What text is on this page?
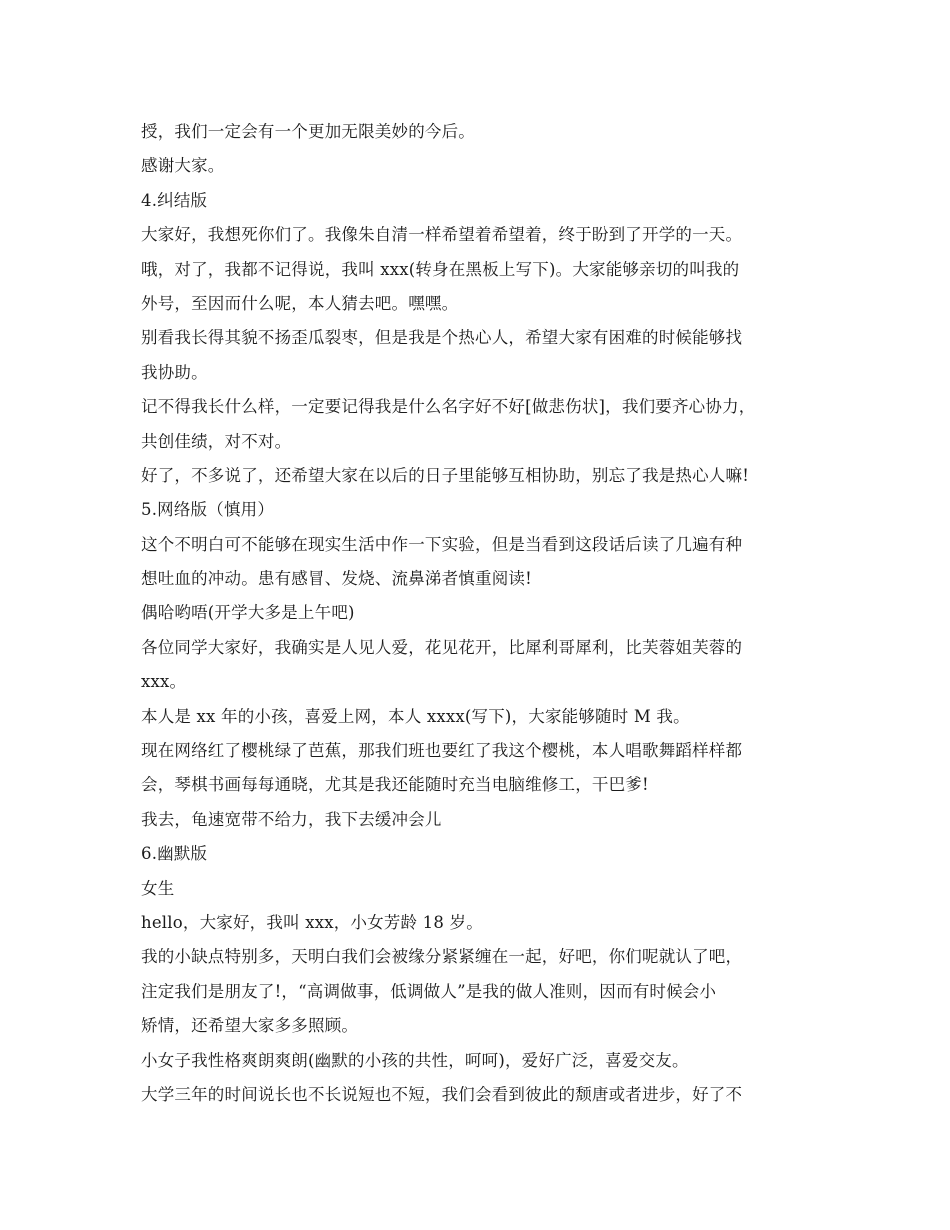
授，我们一定会有一个更加无限美妙的今后。
感谢大家。
4.纠结版
大家好，我想死你们了。我像朱自清一样希望着希望着，终于盼到了开学的一天。
哦，对了，我都不记得说，我叫 xxx(转身在黑板上写下)。大家能够亲切的叫我的
外号，至因而什么呢，本人猜去吧。嘿嘿。
别看我长得其貌不扬歪瓜裂枣，但是我是个热心人，希望大家有困难的时候能够找
我协助。
记不得我长什么样，一定要记得我是什么名字好不好[做悲伤状]，我们要齐心协力，
共创佳绩，对不对。
好了，不多说了，还希望大家在以后的日子里能够互相协助，别忘了我是热心人嘛!
5.网络版（慎用）
这个不明白可不能够在现实生活中作一下实验，但是当看到这段话后读了几遍有种
想吐血的冲动。患有感冒、发烧、流鼻涕者慎重阅读!
偶哈哟唔(开学大多是上午吧)
各位同学大家好，我确实是人见人爱，花见花开，比犀利哥犀利，比芙蓉姐芙蓉的
xxx。
本人是 xx 年的小孩，喜爱上网，本人 xxxx(写下)，大家能够随时 M 我。
现在网络红了樱桃绿了芭蕉，那我们班也要红了我这个樱桃，本人唱歌舞蹈样样都
会，琴棋书画每每通晓，尤其是我还能随时充当电脑维修工，干巴爹!
我去，龟速宽带不给力，我下去缓冲会儿
6.幽默版
女生
hello，大家好，我叫 xxx，小女芳龄 18 岁。
我的小缺点特别多，天明白我们会被缘分紧紧缠在一起，好吧，你们呢就认了吧，
注定我们是朋友了!，“高调做事，低调做人”是我的做人准则，因而有时候会小
矫情，还希望大家多多照顾。
小女子我性格爽朗爽朗(幽默的小孩的共性，呵呵)，爱好广泛，喜爱交友。
大学三年的时间说长也不长说短也不短，我们会看到彼此的颓唐或者进步，好了不
